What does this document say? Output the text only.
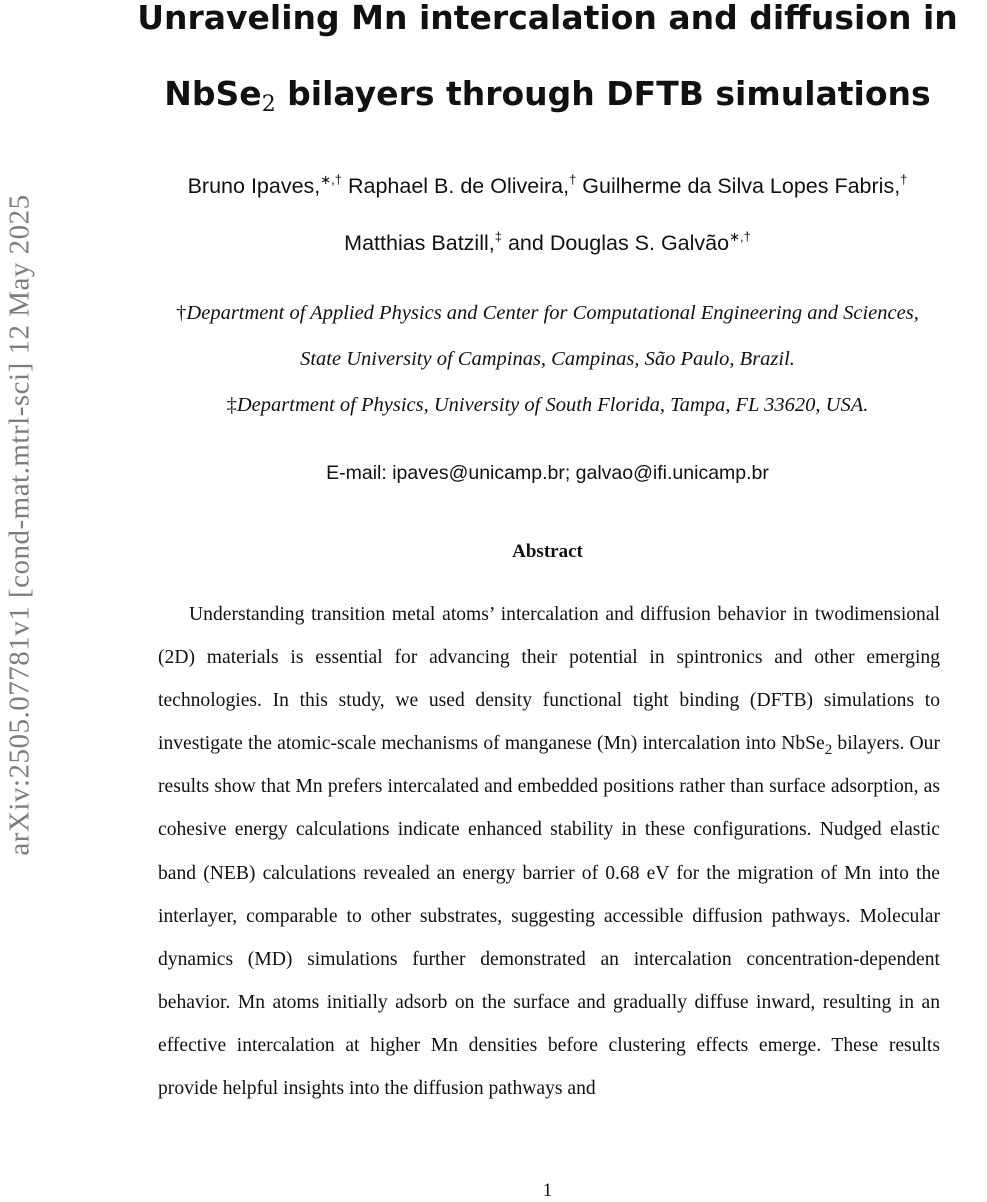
arXiv:2505.07781v1 [cond-mat.mtrl-sci] 12 May 2025
Unraveling Mn intercalation and diffusion in
NbSe$_2$ bilayers through DFTB simulations
Bruno Ipaves,∗,† Raphael B. de Oliveira,† Guilherme da Silva Lopes Fabris,†
Matthias Batzill,‡ and Douglas S. Galvão∗,†
†Department of Applied Physics and Center for Computational Engineering and Sciences,
State University of Campinas, Campinas, São Paulo, Brazil.
‡Department of Physics, University of South Florida, Tampa, FL 33620, USA.
E-mail: ipaves@unicamp.br; galvao@ifi.unicamp.br
Abstract

Understanding transition metal atoms’ intercalation and diffusion behavior in twodimensional (2D) materials is essential for advancing their potential in spintronics and other emerging technologies. In this study, we used density functional tight binding (DFTB) simulations to investigate the atomic-scale mechanisms of manganese (Mn) intercalation into NbSe$_2$ bilayers. Our results show that Mn prefers intercalated and embedded positions rather than surface adsorption, as cohesive energy calculations indicate enhanced stability in these configurations. Nudged elastic band (NEB) calculations revealed an energy barrier of 0.68 eV for the migration of Mn into the interlayer, comparable to other substrates, suggesting accessible diffusion pathways. Molecular dynamics (MD) simulations further demonstrated an intercalation concentration-dependent behavior. Mn atoms initially adsorb on the surface and gradually diffuse inward, resulting in an effective intercalation at higher Mn densities before clustering effects emerge. These results provide helpful insights into the diffusion pathways and

1
